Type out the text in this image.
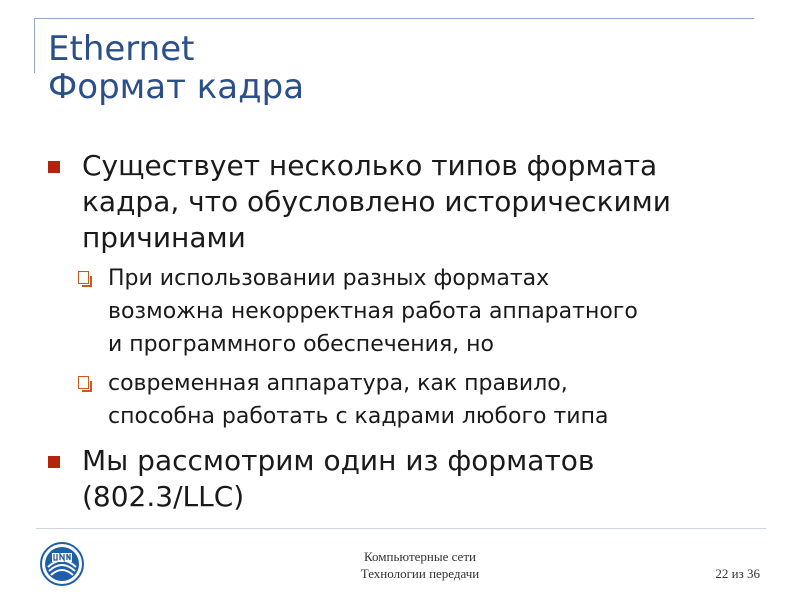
Ethernet
Формат кадра
Существует несколько типов формата
кадра, что обусловлено историческими
причинами
При использовании разных форматах
возможна некорректная работа аппаратного
и программного обеспечения, но
современная аппаратура, как правило,
способна работать с кадрами любого типа
Мы рассмотрим один из форматов
(802.3/LLC)
Компьютерные сети
Технологии передачи	22 из 36
